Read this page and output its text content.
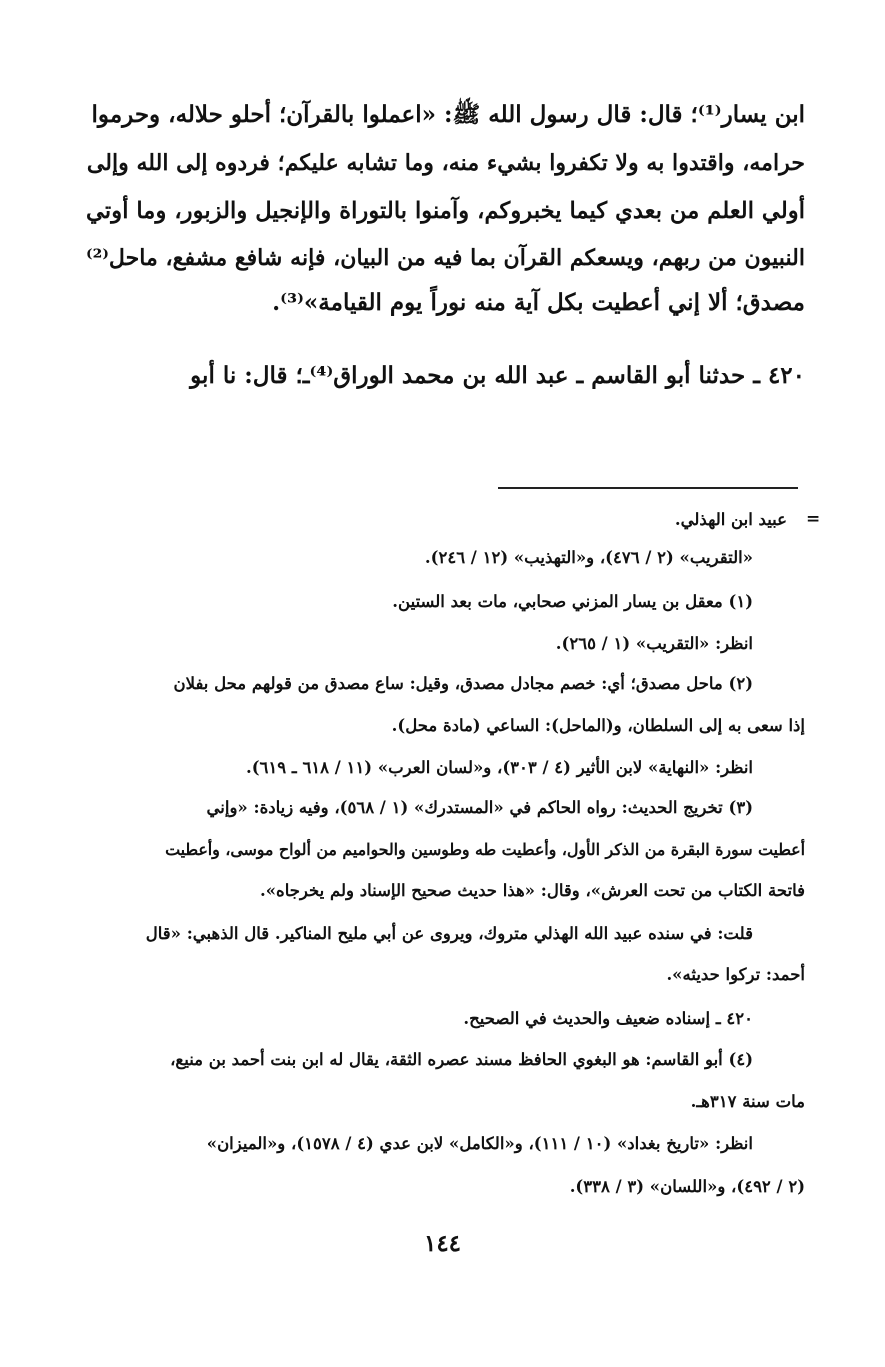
ابن يسار⁽¹⁾؛ قال: قال رسول الله ﷺ: «اعملوا بالقرآن؛ أحلو حلاله، وحرموا

حرامه، واقتدوا به ولا تكفروا بشيء منه، وما تشابه عليكم؛ فردوه إلى الله وإلى

أولي العلم من بعدي كيما يخبروكم، وآمنوا بالتوراة والإنجيل والزبور، وما أوتي

النبيون من ربهم، ويسعكم القرآن بما فيه من البيان، فإنه شافع مشفع، ماحل⁽²⁾

مصدق؛ ألا إني أعطيت بكل آية منه نوراً يوم القيامة»⁽³⁾.

٤٢٠ ـ حدثنا أبو القاسم ـ عبد الله بن محمد الوراق⁽⁴⁾ـ؛ قال: نا أبو

=

عبيد ابن الهذلي.

«التقريب» (٢ / ٤٧٦)، و«التهذيب» (١٢ / ٢٤٦).

(١) معقل بن يسار المزني صحابي، مات بعد الستين.

انظر: «التقريب» (١ / ٢٦٥).

(٢) ماحل مصدق؛ أي: خصم مجادل مصدق، وقيل: ساع مصدق من قولهم محل بفلان

إذا سعى به إلى السلطان، و(الماحل): الساعي (مادة محل).

انظر: «النهاية» لابن الأثير (٤ / ٣٠٣)، و«لسان العرب» (١١ / ٦١٨ ـ ٦١٩).

(٣) تخريج الحديث: رواه الحاكم في «المستدرك» (١ / ٥٦٨)، وفيه زيادة: «وإني

أعطيت سورة البقرة من الذكر الأول، وأعطيت طه وطوسين والحواميم من ألواح موسى، وأعطيت

فاتحة الكتاب من تحت العرش»، وقال: «هذا حديث صحيح الإسناد ولم يخرجاه».

قلت: في سنده عبيد الله الهذلي متروك، ويروى عن أبي مليح المناكير. قال الذهبي: «قال

أحمد: تركوا حديثه».

٤٢٠ ـ إسناده ضعيف والحديث في الصحيح.

(٤) أبو القاسم: هو البغوي الحافظ مسند عصره الثقة، يقال له ابن بنت أحمد بن منيع،

مات سنة ٣١٧هـ.

انظر: «تاريخ بغداد» (١٠ / ١١١)، و«الكامل» لابن عدي (٤ / ١٥٧٨)، و«الميزان»

(٢ / ٤٩٢)، و«اللسان» (٣ / ٣٣٨).

١٤٤
